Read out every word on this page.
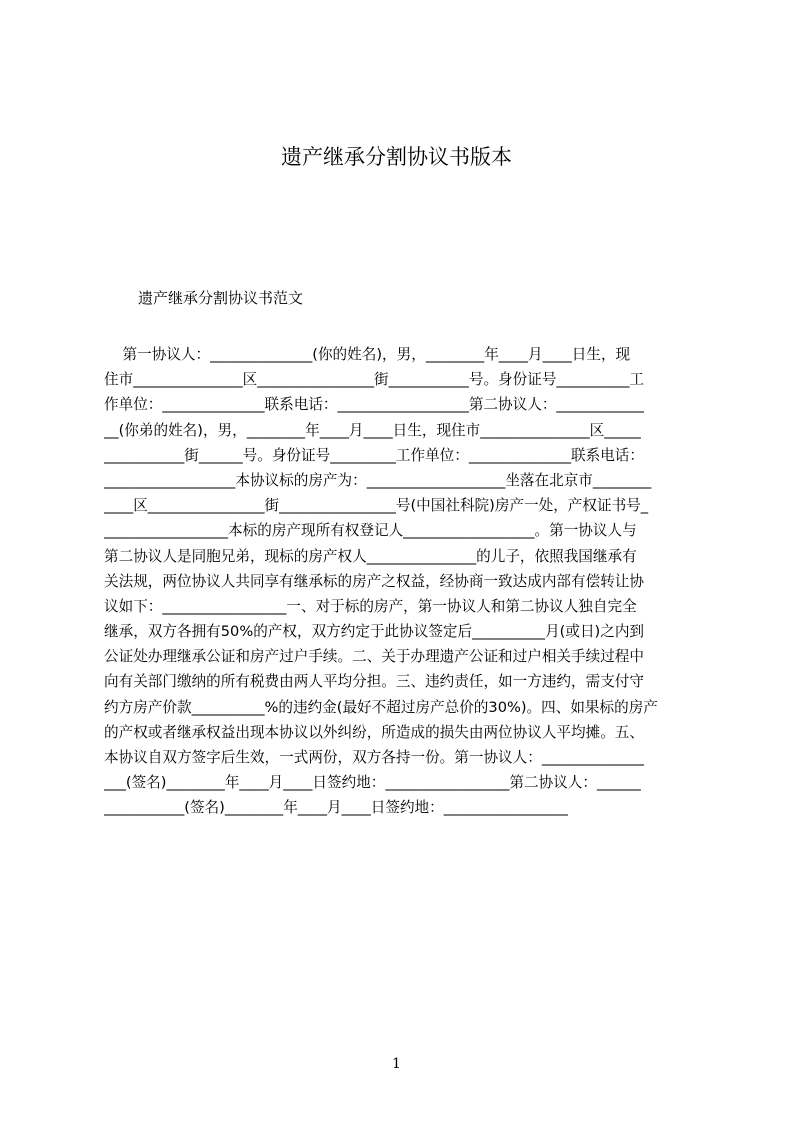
遗产继承分割协议书版本
遗产继承分割协议书范文
第一协议人：______________(你的姓名)，男，________年____月____日生，现
住市_______________区________________街___________号。身份证号__________工
作单位：______________联系电话：__________________第二协议人：____________
__(你弟的姓名)，男，________年____月____日生，现住市_______________区_____
___________街______号。身份证号_________工作单位：______________联系电话：
__________________本协议标的房产为：___________________坐落在北京市________
____区________________街________________号(中国社科院)房产一处，产权证书号_
_________________本标的房产现所有权登记人__________________。第一协议人与
第二协议人是同胞兄弟，现标的房产权人_______________的儿子，依照我国继承有
关法规，两位协议人共同享有继承标的房产之权益，经协商一致达成内部有偿转让协
议如下：_________________一、对于标的房产，第一协议人和第二协议人独自完全
继承，双方各拥有50%的产权，双方约定于此协议签定后__________月(或日)之内到
公证处办理继承公证和房产过户手续。二、关于办理遗产公证和过户相关手续过程中
向有关部门缴纳的所有税费由两人平均分担。三、违约责任，如一方违约，需支付守
约方房产价款__________%的违约金(最好不超过房产总价的30%)。四、如果标的房产
的产权或者继承权益出现本协议以外纠纷，所造成的损失由两位协议人平均摊。五、
本协议自双方签字后生效，一式两份，双方各持一份。第一协议人：______________
___(签名)________年____月____日签约地：_________________第二协议人：______
___________(签名)________年____月____日签约地：_________________
1
